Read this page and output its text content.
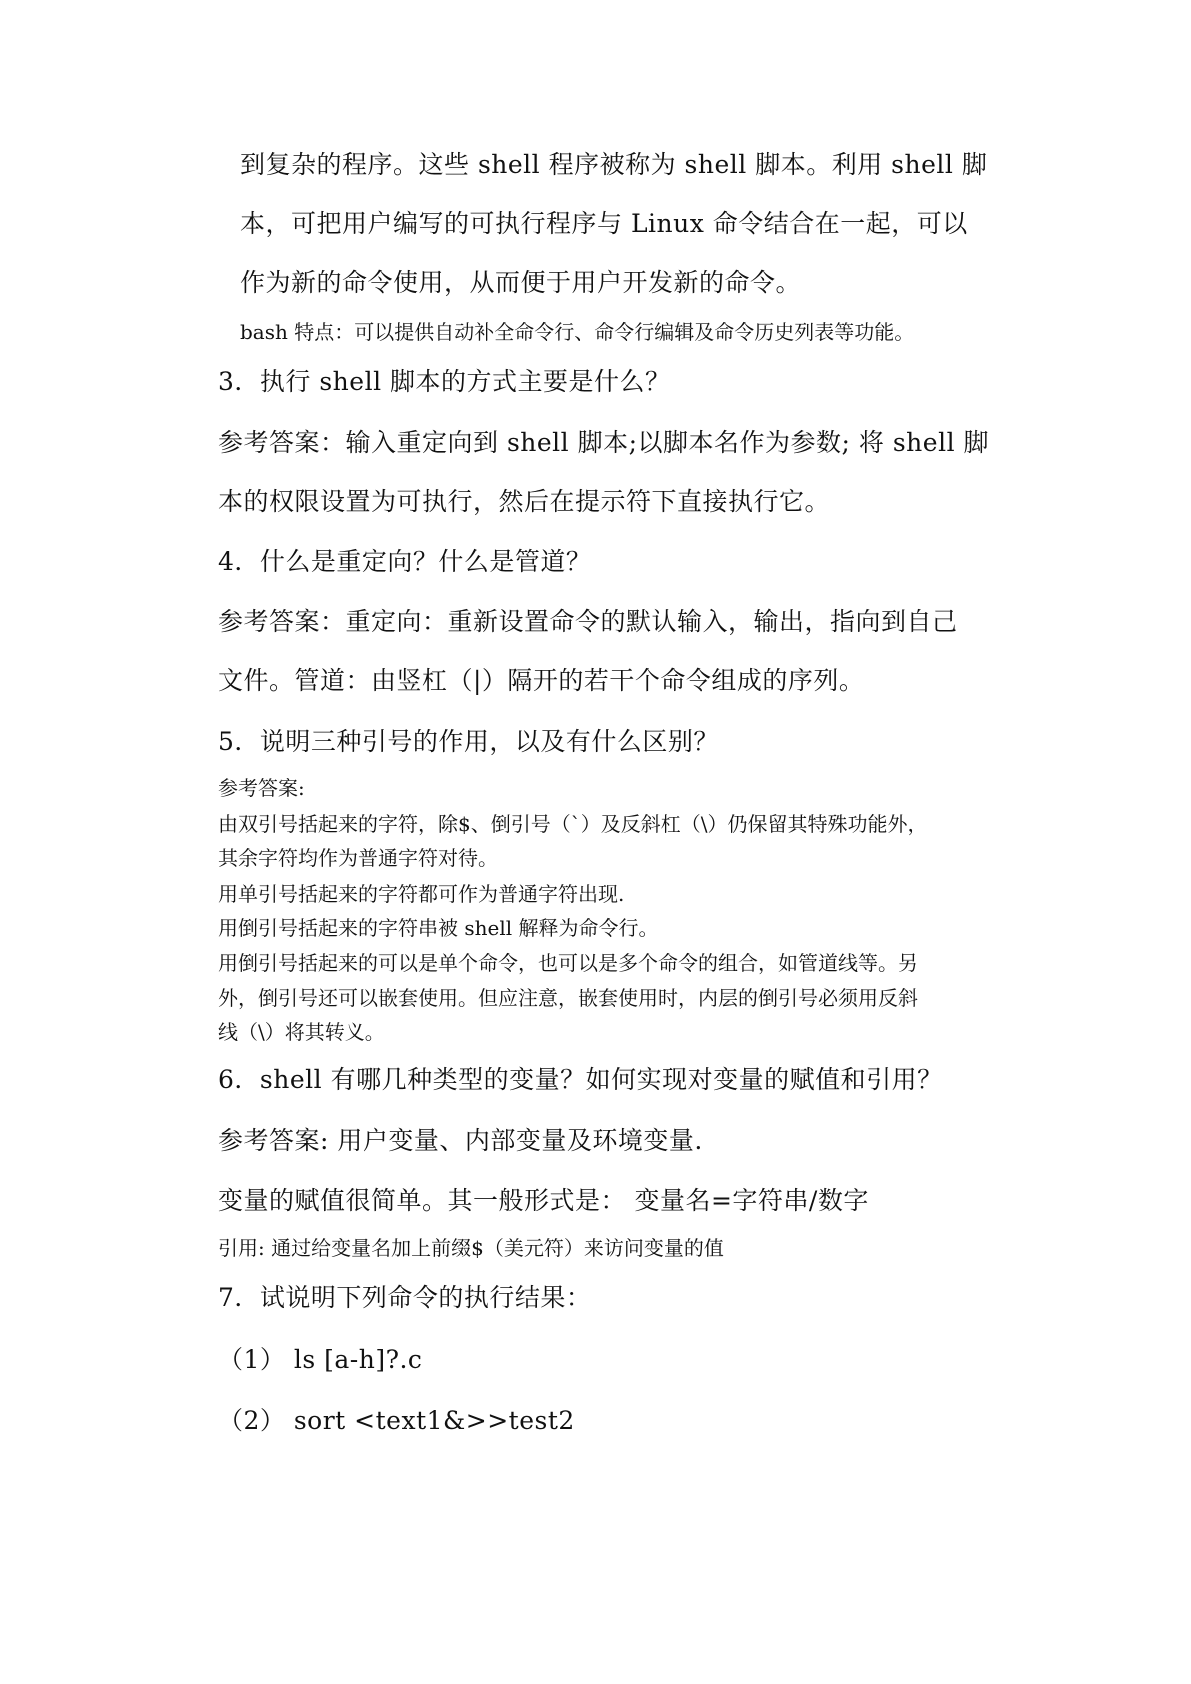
到复杂的程序。这些 shell 程序被称为 shell 脚本。利用 shell 脚

本，可把用户编写的可执行程序与 Linux 命令结合在一起，可以

作为新的命令使用，从而便于用户开发新的命令。

bash 特点：可以提供自动补全命令行、命令行编辑及命令历史列表等功能。

3．执行 shell 脚本的方式主要是什么？

参考答案：输入重定向到 shell 脚本;以脚本名作为参数; 将 shell 脚

本的权限设置为可执行，然后在提示符下直接执行它。

4．什么是重定向？什么是管道？

参考答案：重定向：重新设置命令的默认输入，输出，指向到自己

文件。管道：由竖杠（|）隔开的若干个命令组成的序列。

5．说明三种引号的作用，以及有什么区别？

参考答案:

由双引号括起来的字符，除$、倒引号（`）及反斜杠（\）仍保留其特殊功能外，

其余字符均作为普通字符对待。

用单引号括起来的字符都可作为普通字符出现.

用倒引号括起来的字符串被 shell 解释为命令行。

用倒引号括起来的可以是单个命令，也可以是多个命令的组合，如管道线等。另

外，倒引号还可以嵌套使用。但应注意，嵌套使用时，内层的倒引号必须用反斜

线（\）将其转义。

6．shell 有哪几种类型的变量？如何实现对变量的赋值和引用？

参考答案: 用户变量、内部变量及环境变量.

变量的赋值很简单。其一般形式是： 变量名=字符串/数字

引用: 通过给变量名加上前缀$（美元符）来访问变量的值

7．试说明下列命令的执行结果：

（1） ls [a-h]?.c

（2） sort <text1&>>test2
